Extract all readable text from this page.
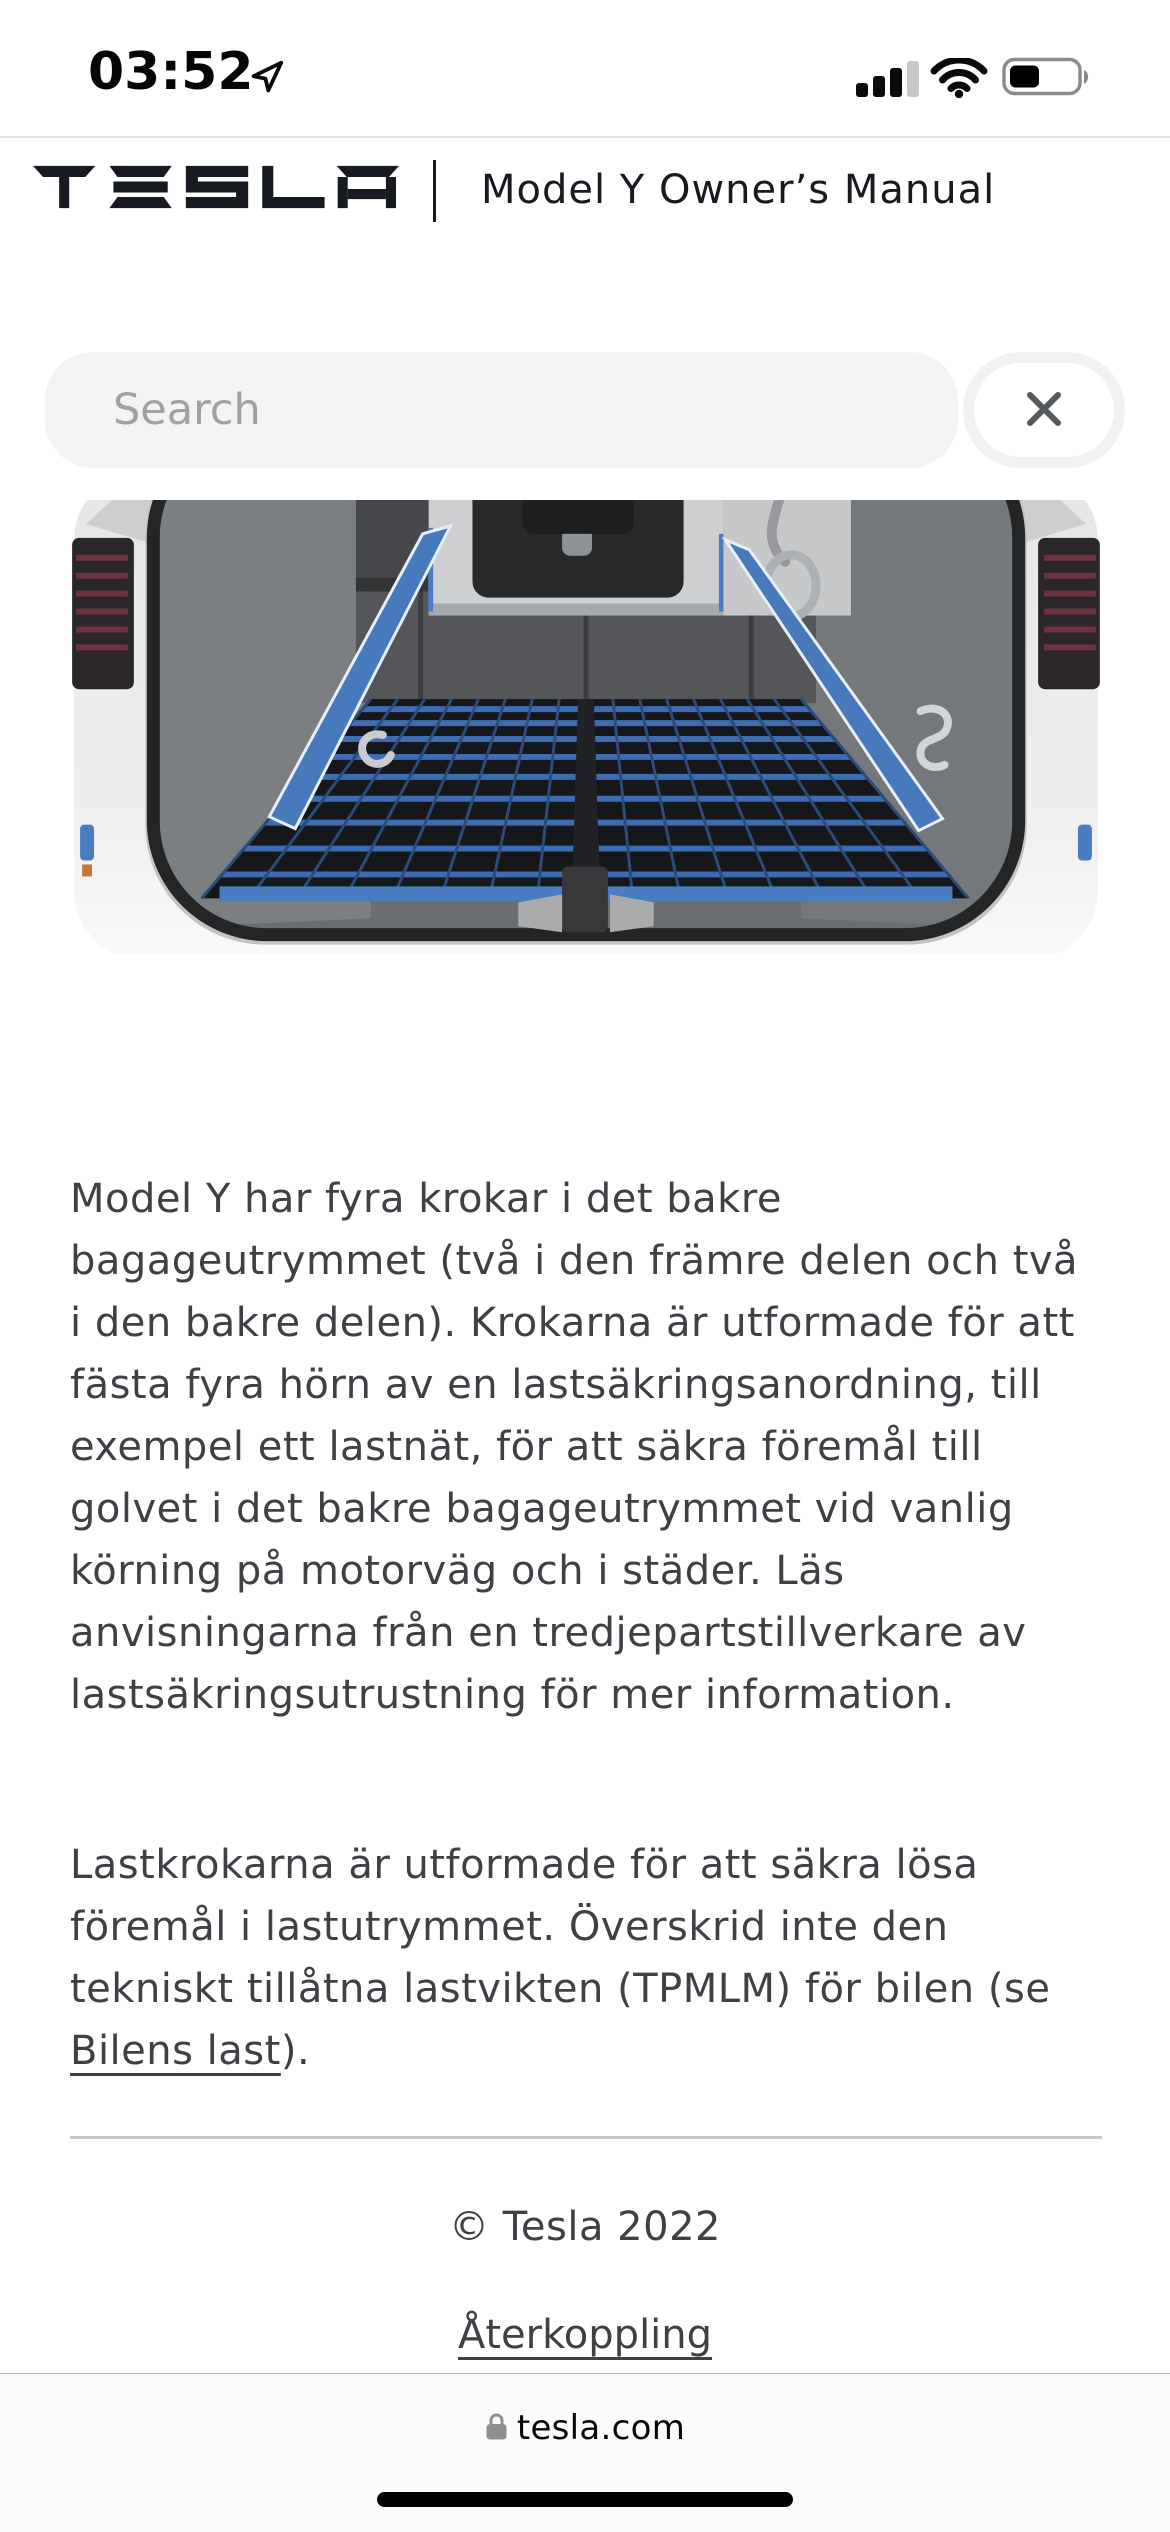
03:52
Model Y Owner’s Manual
Search

Model Y har fyra krokar i det bakre bagageutrymmet (två i den främre delen och två i den bakre delen). Krokarna är utformade för att fästa fyra hörn av en lastsäkringsanordning, till exempel ett lastnät, för att säkra föremål till golvet i det bakre bagageutrymmet vid vanlig körning på motorväg och i städer. Läs anvisningarna från en tredjepartstillverkare av lastsäkringsutrustning för mer information.

Lastkrokarna är utformade för att säkra lösa föremål i lastutrymmet. Överskrid inte den tekniskt tillåtna lastvikten (TPMLM) för bilen (se Bilens last).

© Tesla 2022
Återkoppling
tesla.com
